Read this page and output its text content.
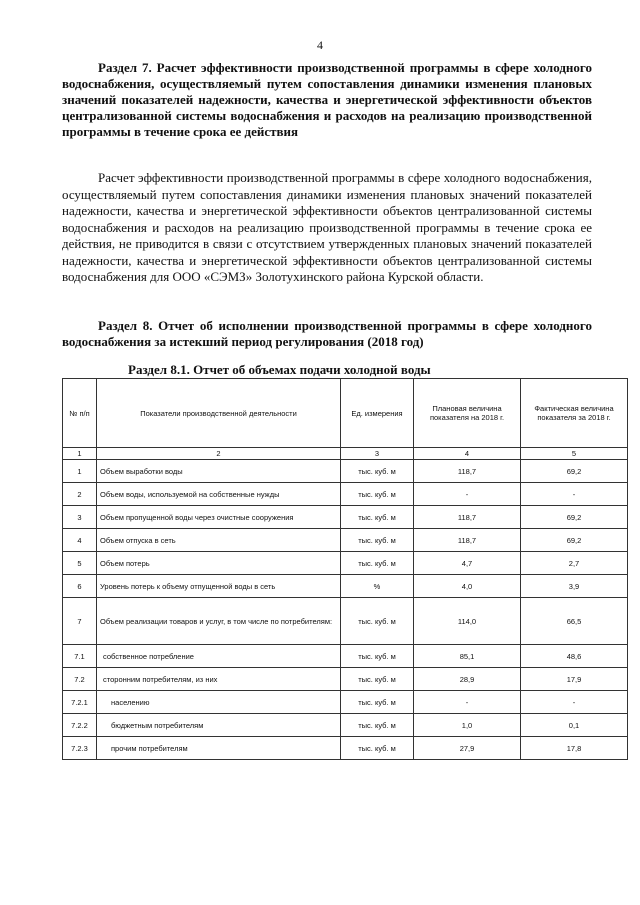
4
Раздел 7. Расчет эффективности производственной программы в сфере холодного водоснабжения, осуществляемый путем сопоставления динамики изменения плановых значений показателей надежности, качества и энергетической эффективности объектов централизованной системы водоснабжения и расходов на реализацию производственной программы в течение срока ее действия
Расчет эффективности производственной программы в сфере холодного водоснабжения, осуществляемый путем сопоставления динамики изменения плановых значений показателей надежности, качества и энергетической эффективности объектов централизованной системы водоснабжения и расходов на реализацию производственной программы в течение срока ее действия, не приводится в связи с отсутствием утвержденных плановых значений показателей надежности, качества и энергетической эффективности объектов централизованной системы водоснабжения для ООО «СЭМЗ» Золотухинского района Курской области.
Раздел 8. Отчет об исполнении производственной программы в сфере холодного водоснабжения за истекший период регулирования (2018 год)
Раздел 8.1. Отчет об объемах подачи холодной воды
№ п/п	Показатели производственной деятельности	Ед. измерения	Плановая величина показателя на 2018 г.	Фактическая величина показателя за 2018 г.
1	2	3	4	5
1	Объем выработки воды	тыс. куб. м	118,7	69,2
2	Объем воды, используемой на собственные нужды	тыс. куб. м	-	-
3	Объем пропущенной воды через очистные сооружения	тыс. куб. м	118,7	69,2
4	Объем отпуска в сеть	тыс. куб. м	118,7	69,2
5	Объем потерь	тыс. куб. м	4,7	2,7
6	Уровень потерь к объему отпущенной воды в сеть	%	4,0	3,9
7	Объем реализации товаров и услуг, в том числе по потребителям:	тыс. куб. м	114,0	66,5
7.1	собственное потребление	тыс. куб. м	85,1	48,6
7.2	сторонним потребителям, из них	тыс. куб. м	28,9	17,9
7.2.1	населению	тыс. куб. м	-	-
7.2.2	бюджетным потребителям	тыс. куб. м	1,0	0,1
7.2.3	прочим потребителям	тыс. куб. м	27,9	17,8
